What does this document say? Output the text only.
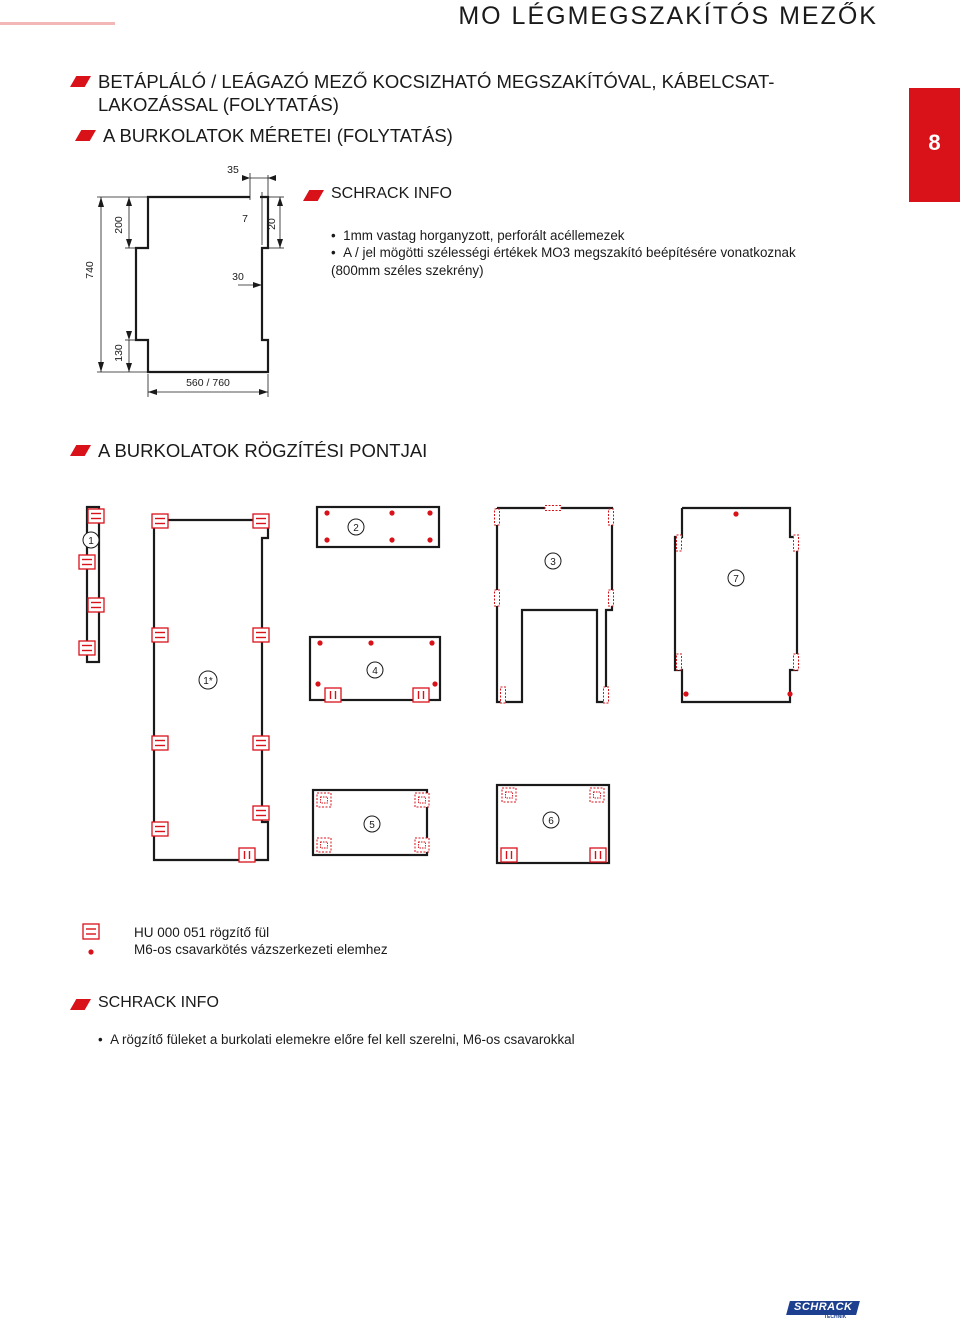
MO LÉGMEGSZAKÍTÓS MEZŐK
8
BETÁPLÁLÓ / LEÁGAZÓ MEZŐ KOCSIZHATÓ MEGSZAKÍTÓVAL, KÁBELCSAT-
LAKOZÁSSAL (FOLYTATÁS)
A BURKOLATOK MÉRETEI (FOLYTATÁS)
35
7
30
560 / 760
740
200
130
20
SCHRACK INFO
•  1mm vastag horganyzott, perforált acéllemezek
•  A / jel mögötti szélességi értékek MO3 megszakító beépítésére vonatkoznak
(800mm széles szekrény)
A BURKOLATOK RÖGZÍTÉSI PONTJAI
1
1*
2
3
4
5	6
7
HU 000 051 rögzítő fül
M6-os csavarkötés vázszerkezeti elemhez
SCHRACK INFO
•  A rögzítő füleket a burkolati elemekre előre fel kell szerelni, M6-os csavarokkal
SCHRACK
TECHNIK
